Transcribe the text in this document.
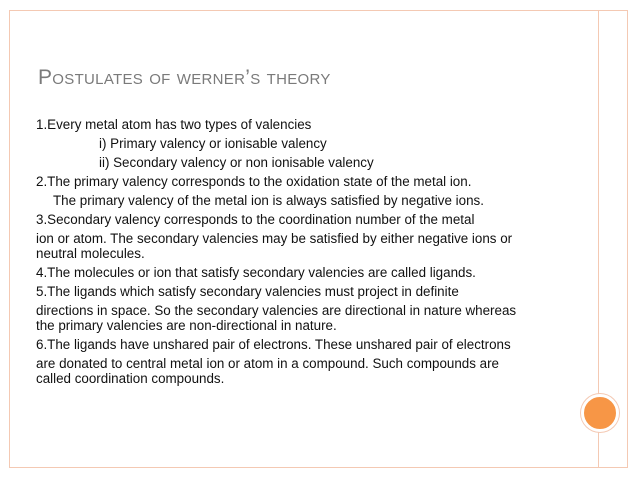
Postulates of werner’s theory

1.Every metal atom has two types of valencies

i) Primary valency or ionisable valency

ii) Secondary valency or non ionisable valency

2.The primary valency corresponds to the oxidation state of the metal ion.

The primary valency of the metal ion is always satisfied by negative ions.

3.Secondary valency corresponds to the coordination number of the metal

ion or atom. The secondary valencies may be satisfied by either negative ions or

neutral molecules.

4.The molecules or ion that satisfy secondary valencies are called ligands.

5.The ligands which satisfy secondary valencies must project in definite

directions in space. So the secondary valencies are directional in nature whereas

the primary valencies are non-directional in nature.

6.The ligands have unshared pair of electrons. These unshared pair of electrons

are donated to central metal ion or atom in a compound. Such compounds are

called coordination compounds.
